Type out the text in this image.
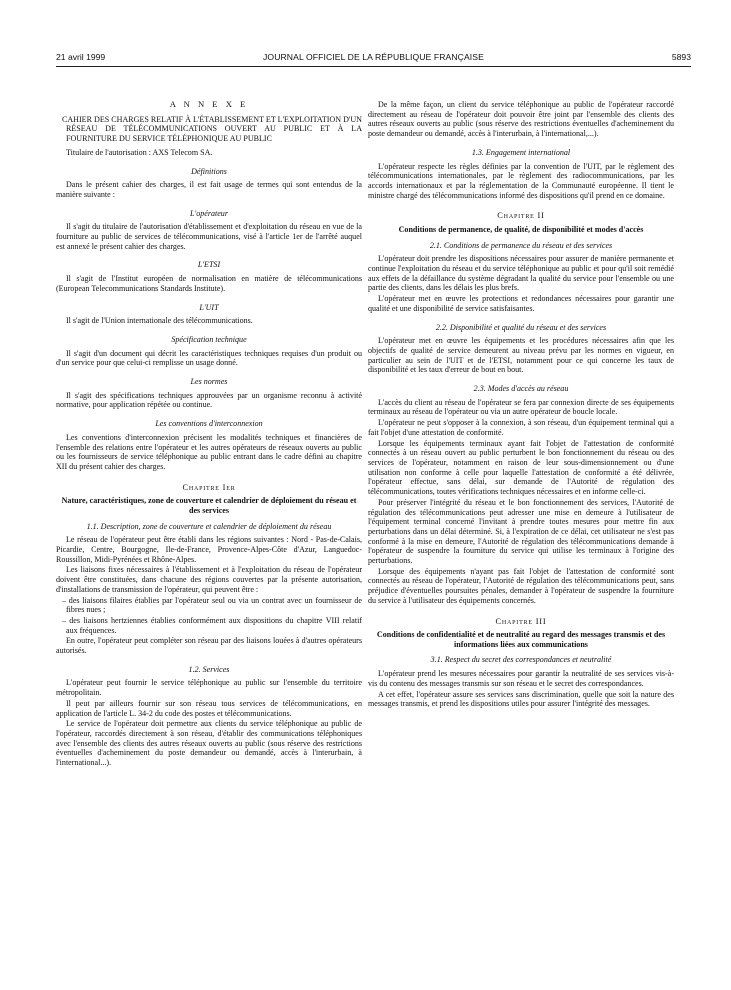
21 avril 1999	JOURNAL OFFICIEL DE LA RÉPUBLIQUE FRANÇAISE	5893
A N N E X E

CAHIER DES CHARGES RELATIF À L'ÉTABLISSEMENT ET L'EXPLOITATION D'UN RÉSEAU DE TÉLÉCOMMUNICATIONS OUVERT AU PUBLIC ET À LA FOURNITURE DU SERVICE TÉLÉPHONIQUE AU PUBLIC

Titulaire de l'autorisation : AXS Telecom SA.

Définitions

Dans le présent cahier des charges, il est fait usage de termes qui sont entendus de la manière suivante :

L'opérateur

Il s'agit du titulaire de l'autorisation d'établissement et d'exploitation du réseau en vue de la fourniture au public de services de télécommunications, visé à l'article 1er de l'arrêté auquel est annexé le présent cahier des charges.

L'ETSI

Il s'agit de l'Institut européen de normalisation en matière de télécommunications (European Telecommunications Standards Institute).

L'UIT

Il s'agit de l'Union internationale des télécommunications.

Spécification technique

Il s'agit d'un document qui décrit les caractéristiques techniques requises d'un produit ou d'un service pour que celui-ci remplisse un usage donné.

Les normes

Il s'agit des spécifications techniques approuvées par un organisme reconnu à activité normative, pour application répétée ou continue.

Les conventions d'interconnexion

Les conventions d'interconnexion précisent les modalités techniques et financières de l'ensemble des relations entre l'opérateur et les autres opérateurs de réseaux ouverts au public ou les fournisseurs de service téléphonique au public entrant dans le cadre défini au chapitre XII du présent cahier des charges.

Chapitre Ier
Nature, caractéristiques, zone de couverture et calendrier de déploiement du réseau et des services
1.1. Description, zone de couverture et calendrier de déploiement du réseau

Le réseau de l'opérateur peut être établi dans les régions suivantes : Nord - Pas-de-Calais, Picardie, Centre, Bourgogne, Ile-de-France, Provence-Alpes-Côte d'Azur, Languedoc-Roussillon, Midi-Pyrénées et Rhône-Alpes.

Les liaisons fixes nécessaires à l'établissement et à l'exploitation du réseau de l'opérateur doivent être constituées, dans chacune des régions couvertes par la présente autorisation, d'installations de transmission de l'opérateur, qui peuvent être :

– des liaisons filaires établies par l'opérateur seul ou via un contrat avec un fournisseur de fibres nues ;

– des liaisons hertziennes établies conformément aux dispositions du chapitre VIII relatif aux fréquences.

En outre, l'opérateur peut compléter son réseau par des liaisons louées à d'autres opérateurs autorisés.

1.2. Services

L'opérateur peut fournir le service téléphonique au public sur l'ensemble du territoire métropolitain.

Il peut par ailleurs fournir sur son réseau tous services de télécommunications, en application de l'article L. 34-2 du code des postes et télécommunications.

Le service de l'opérateur doit permettre aux clients du service téléphonique au public de l'opérateur, raccordés directement à son réseau, d'établir des communications téléphoniques avec l'ensemble des clients des autres réseaux ouverts au public (sous réserve des restrictions éventuelles d'acheminement du poste demandeur ou demandé, accès à l'interurbain, à l'international...).

De la même façon, un client du service téléphonique au public de l'opérateur raccordé directement au réseau de l'opérateur doit pouvoir être joint par l'ensemble des clients des autres réseaux ouverts au public (sous réserve des restrictions éventuelles d'acheminement du poste demandeur ou demandé, accès à l'interurbain, à l'international,...).

1.3. Engagement international

L'opérateur respecte les règles définies par la convention de l'UIT, par le règlement des télécommunications internationales, par le règlement des radiocommunications, par les accords internationaux et par la réglementation de la Communauté européenne. Il tient le ministre chargé des télécommunications informé des dispositions qu'il prend en ce domaine.

Chapitre II
Conditions de permanence, de qualité, de disponibilité et modes d'accès
2.1. Conditions de permanence du réseau et des services

L'opérateur doit prendre les dispositions nécessaires pour assurer de manière permanente et continue l'exploitation du réseau et du service téléphonique au public et pour qu'il soit remédié aux effets de la défaillance du système dégradant la qualité du service pour l'ensemble ou une partie des clients, dans les délais les plus brefs.

L'opérateur met en œuvre les protections et redondances nécessaires pour garantir une qualité et une disponibilité de service satisfaisantes.

2.2. Disponibilité et qualité du réseau et des services

L'opérateur met en œuvre les équipements et les procédures nécessaires afin que les objectifs de qualité de service demeurent au niveau prévu par les normes en vigueur, en particulier au sein de l'UIT et de l'ETSI, notamment pour ce qui concerne les taux de disponibilité et les taux d'erreur de bout en bout.

2.3. Modes d'accès au réseau

L'accès du client au réseau de l'opérateur se fera par connexion directe de ses équipements terminaux au réseau de l'opérateur ou via un autre opérateur de boucle locale.

L'opérateur ne peut s'opposer à la connexion, à son réseau, d'un équipement terminal qui a fait l'objet d'une attestation de conformité.

Lorsque les équipements terminaux ayant fait l'objet de l'attestation de conformité connectés à un réseau ouvert au public perturbent le bon fonctionnement du réseau ou des services de l'opérateur, notamment en raison de leur sous-dimensionnement ou d'une utilisation non conforme à celle pour laquelle l'attestation de conformité a été délivrée, l'opérateur effectue, sans délai, sur demande de l'Autorité de régulation des télécommunications, toutes vérifications techniques nécessaires et en informe celle-ci.

Pour préserver l'intégrité du réseau et le bon fonctionnement des services, l'Autorité de régulation des télécommunications peut adresser une mise en demeure à l'utilisateur de l'équipement terminal concerné l'invitant à prendre toutes mesures pour mettre fin aux perturbations dans un délai déterminé. Si, à l'expiration de ce délai, cet utilisateur ne s'est pas conformé à la mise en demeure, l'Autorité de régulation des télécommunications demande à l'opérateur de suspendre la fourniture du service qui utilise les terminaux à l'origine des perturbations.

Lorsque des équipements n'ayant pas fait l'objet de l'attestation de conformité sont connectés au réseau de l'opérateur, l'Autorité de régulation des télécommunications peut, sans préjudice d'éventuelles poursuites pénales, demander à l'opérateur de suspendre la fourniture du service à l'utilisateur des équipements concernés.

Chapitre III
Conditions de confidentialité et de neutralité au regard des messages transmis et des informations liées aux communications
3.1. Respect du secret des correspondances et neutralité

L'opérateur prend les mesures nécessaires pour garantir la neutralité de ses services vis-à-vis du contenu des messages transmis sur son réseau et le secret des correspondances.

A cet effet, l'opérateur assure ses services sans discrimination, quelle que soit la nature des messages transmis, et prend les dispositions utiles pour assurer l'intégrité des messages.
